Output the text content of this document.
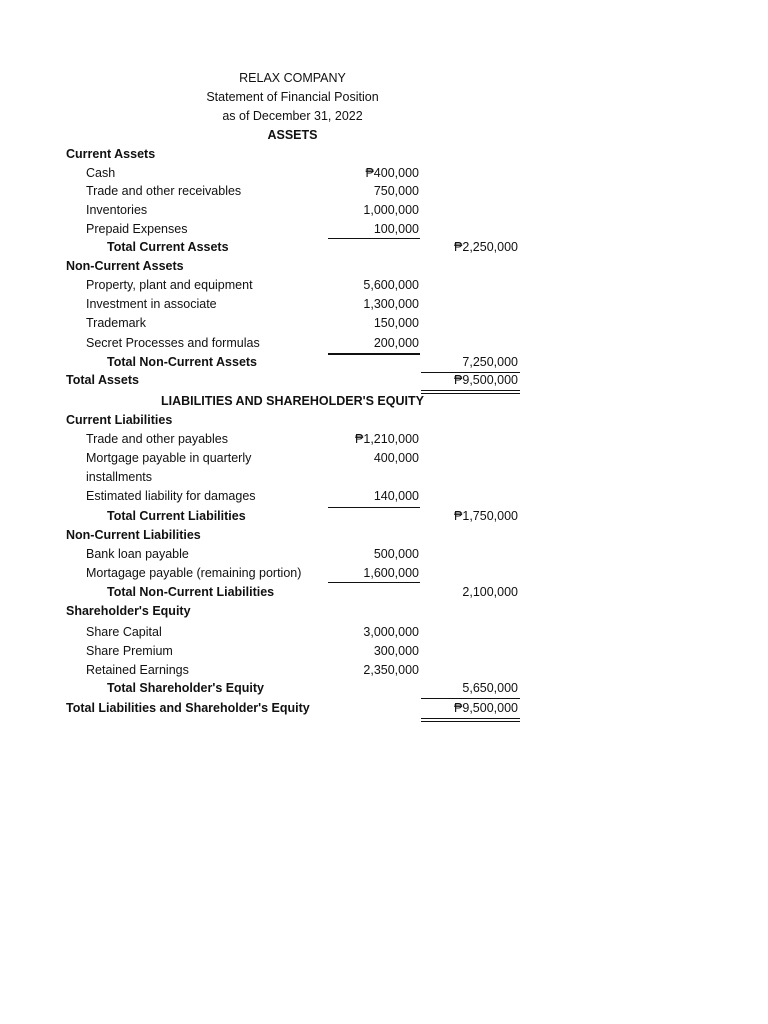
RELAX COMPANY
Statement of Financial Position
as of December 31, 2022
ASSETS
Current Assets
Cash	₱400,000
Trade and other receivables	750,000
Inventories	1,000,000
Prepaid Expenses	100,000
Total Current Assets	₱2,250,000
Non-Current Assets
Property, plant and equipment	5,600,000
Investment in associate	1,300,000
Trademark	150,000
Secret Processes and formulas	200,000
Total Non-Current Assets	7,250,000
Total Assets	₱9,500,000
LIABILITIES AND SHAREHOLDER'S EQUITY
Current Liabilities
Trade and other payables	₱1,210,000
Mortgage payable in quarterly	400,000
installments
Estimated liability for damages	140,000
Total Current Liabilities	₱1,750,000
Non-Current Liabilities
Bank loan payable	500,000
Mortagage payable (remaining portion)	1,600,000
Total Non-Current Liabilities	2,100,000
Shareholder's Equity
Share Capital	3,000,000
Share Premium	300,000
Retained Earnings	2,350,000
Total Shareholder's Equity	5,650,000
Total Liabilities and Shareholder's Equity	₱9,500,000
